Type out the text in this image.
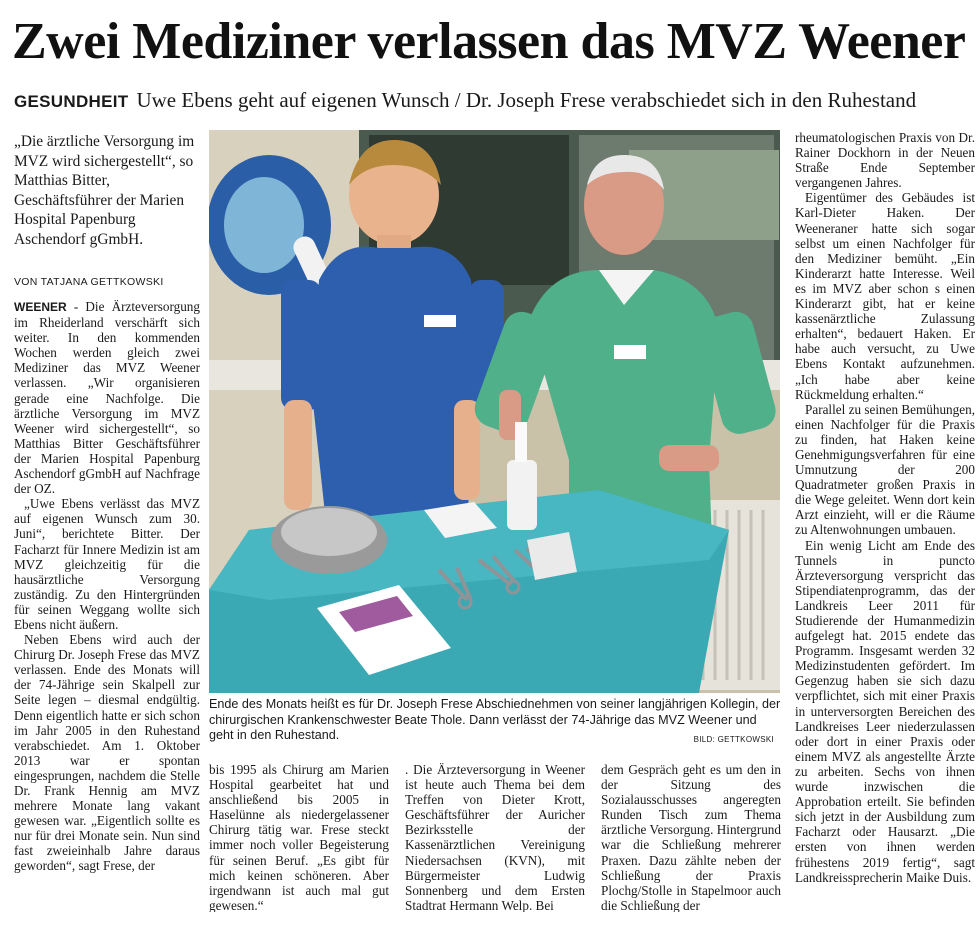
Zwei Mediziner verlassen das MVZ Weener
GESUNDHEIT Uwe Ebens geht auf eigenen Wunsch / Dr. Joseph Frese verabschiedet sich in den Ruhestand
„Die ärztliche Versorgung im MVZ wird sichergestellt“, so Matthias Bitter, Geschäftsführer der Marien Hospital Papenburg Aschendorf gGmbH.
VON TATJANA GETTKOWSKI

WEENER - Die Ärzteversorgung im Rheiderland verschärft sich weiter. In den kommenden Wochen werden gleich zwei Mediziner das MVZ Weener verlassen. „Wir organisieren gerade eine Nachfolge. Die ärztliche Versorgung im MVZ Weener wird sichergestellt“, so Matthias Bitter Geschäftsführer der Marien Hospital Papenburg Aschendorf gGmbH auf Nachfrage der OZ.

„Uwe Ebens verlässt das MVZ auf eigenen Wunsch zum 30. Juni“, berichtete Bitter. Der Facharzt für Innere Medizin ist am MVZ gleichzeitig für die hausärztliche Versorgung zuständig. Zu den Hintergründen für seinen Weggang wollte sich Ebens nicht äußern.

Neben Ebens wird auch der Chirurg Dr. Joseph Frese das MVZ verlassen. Ende des Monats will der 74-Jährige sein Skalpell zur Seite legen – diesmal endgültig. Denn eigentlich hatte er sich schon im Jahr 2005 in den Ruhestand verabschiedet. Am 1. Oktober 2013 war er spontan eingesprungen, nachdem die Stelle Dr. Frank Hennig am MVZ mehrere Monate lang vakant gewesen war. „Eigentlich sollte es nur für drei Monate sein. Nun sind fast zweieinhalb Jahre daraus geworden“, sagt Frese, der

Ende des Monats heißt es für Dr. Joseph Frese Abschiednehmen von seiner langjährigen Kollegin, der chirurgischen Krankenschwester Beate Thole. Dann verlässt der 74-Jährige das MVZ Weener und geht in den Ruhestand.	BILD: GETTKOWSKI

bis 1995 als Chirurg am Marien Hospital gearbeitet hat und anschließend bis 2005 in Haselünne als niedergelassener Chirurg tätig war. Frese steckt immer noch voller Begeisterung für seinen Beruf. „Es gibt für mich keinen schöneren. Aber irgendwann ist auch mal gut gewesen.“

. Die Ärzteversorgung in Weener ist heute auch Thema bei dem Treffen von Dieter Krott, Geschäftsführer der Auricher Bezirksstelle der Kassenärztlichen Vereinigung Niedersachsen (KVN), mit Bürgermeister Ludwig Sonnenberg und dem Ersten Stadtrat Hermann Welp. Bei

dem Gespräch geht es um den in der Sitzung des Sozialausschusses angeregten Runden Tisch zum Thema ärztliche Versorgung. Hintergrund war die Schließung mehrerer Praxen. Dazu zählte neben der Schließung der Praxis Plochg/Stolle in Stapelmoor auch die Schließung der

rheumatologischen Praxis von Dr. Rainer Dockhorn in der Neuen Straße Ende September vergangenen Jahres.

Eigentümer des Gebäudes ist Karl-Dieter Haken. Der Weeneraner hatte sich sogar selbst um einen Nachfolger für den Mediziner bemüht. „Ein Kinderarzt hatte Interesse. Weil es im MVZ aber schon s einen Kinderarzt gibt, hat er keine kassenärztliche Zulassung erhalten“, bedauert Haken. Er habe auch versucht, zu Uwe Ebens Kontakt aufzunehmen. „Ich habe aber keine Rückmeldung erhalten.“

Parallel zu seinen Bemühungen, einen Nachfolger für die Praxis zu finden, hat Haken keine Genehmigungsverfahren für eine Umnutzung der 200 Quadratmeter großen Praxis in die Wege geleitet. Wenn dort kein Arzt einzieht, will er die Räume zu Altenwohnungen umbauen.

Ein wenig Licht am Ende des Tunnels in puncto Ärzteversorgung verspricht das Stipendiatenprogramm, das der Landkreis Leer 2011 für Studierende der Humanmedizin aufgelegt hat. 2015 endete das Programm. Insgesamt werden 32 Medizinstudenten gefördert. Im Gegenzug haben sie sich dazu verpflichtet, sich mit einer Praxis in unterversorgten Bereichen des Landkreises Leer niederzulassen oder dort in einer Praxis oder einem MVZ als angestellte Ärzte zu arbeiten. Sechs von ihnen wurde inzwischen die Approbation erteilt. Sie befinden sich jetzt in der Ausbildung zum Facharzt oder Hausarzt. „Die ersten von ihnen werden frühestens 2019 fertig“, sagt Landkreissprecherin Maike Duis.
